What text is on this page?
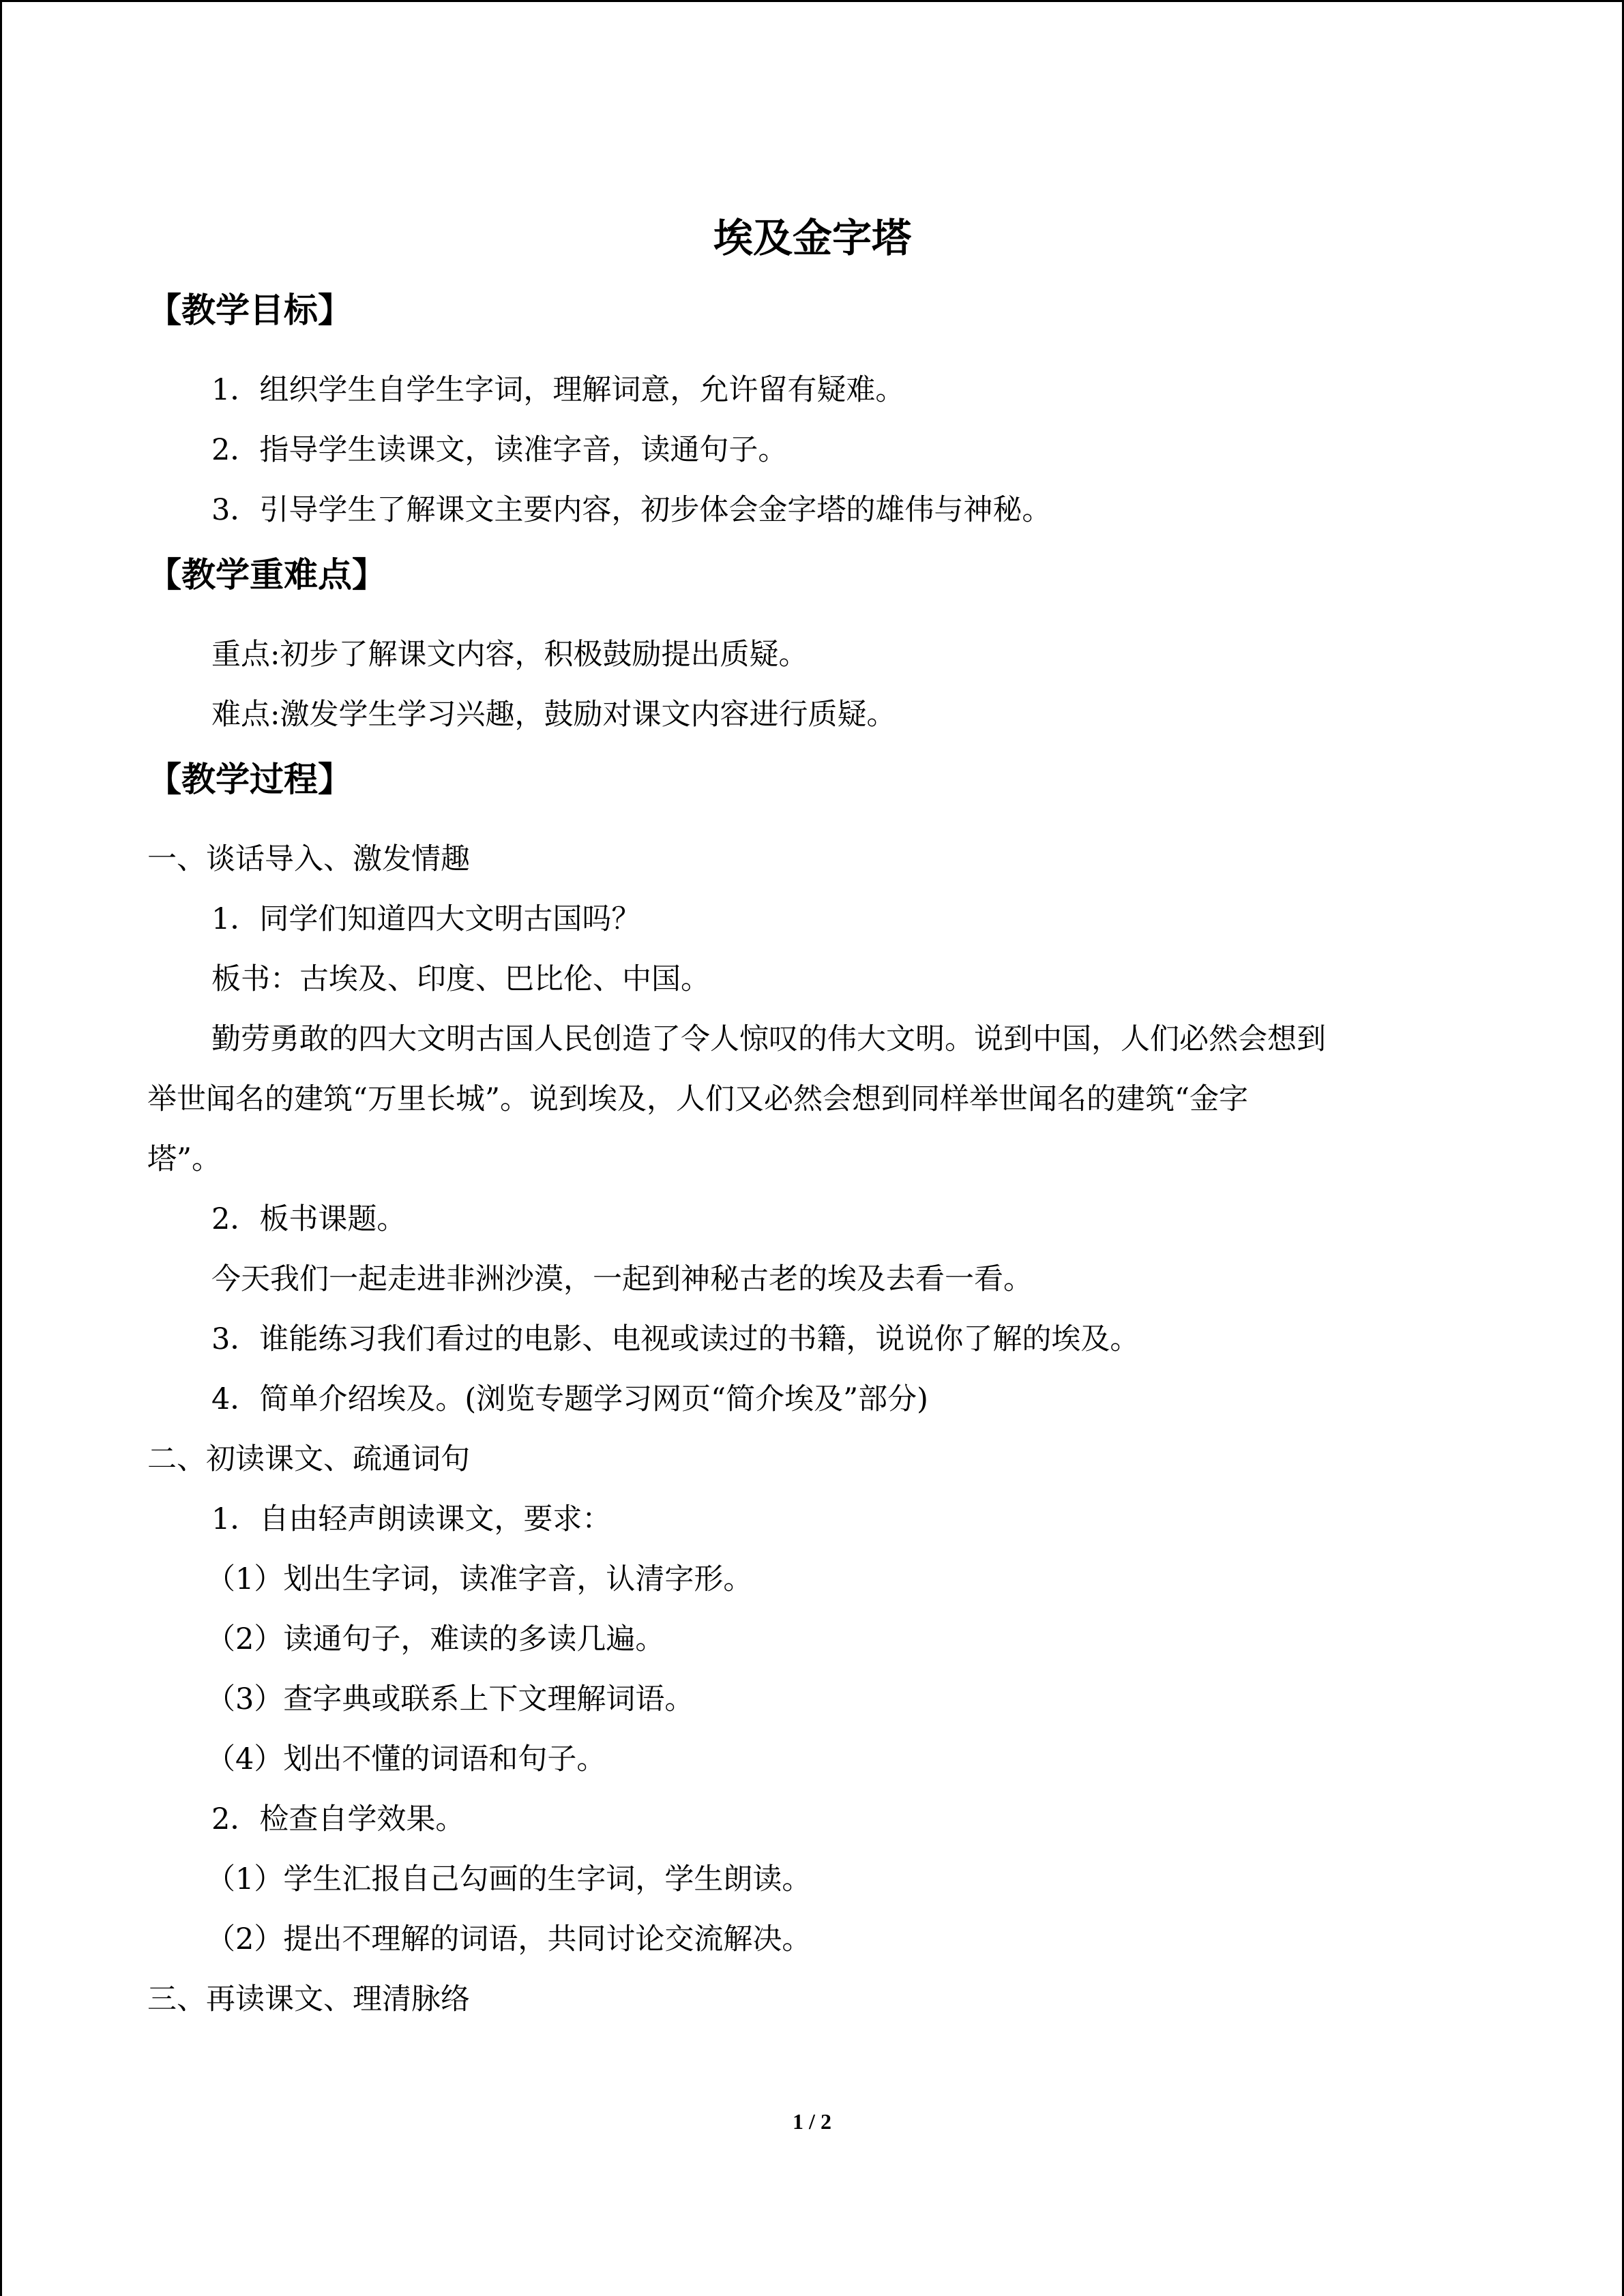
埃及金字塔
【教学目标】

1．组织学生自学生字词，理解词意，允许留有疑难。

2．指导学生读课文，读准字音，读通句子。

3．引导学生了解课文主要内容，初步体会金字塔的雄伟与神秘。

【教学重难点】

重点:初步了解课文内容，积极鼓励提出质疑。

难点:激发学生学习兴趣，鼓励对课文内容进行质疑。

【教学过程】

一、谈话导入、激发情趣

1．同学们知道四大文明古国吗？

板书：古埃及、印度、巴比伦、中国。

勤劳勇敢的四大文明古国人民创造了令人惊叹的伟大文明。说到中国，人们必然会想到

举世闻名的建筑“万里长城”。说到埃及，人们又必然会想到同样举世闻名的建筑“金字

塔”。

2．板书课题。

今天我们一起走进非洲沙漠，一起到神秘古老的埃及去看一看。

3．谁能练习我们看过的电影、电视或读过的书籍，说说你了解的埃及。

4．简单介绍埃及。(浏览专题学习网页“简介埃及”部分)

二、初读课文、疏通词句

1．自由轻声朗读课文，要求：

（1）划出生字词，读准字音，认清字形。

（2）读通句子，难读的多读几遍。

（3）查字典或联系上下文理解词语。

（4）划出不懂的词语和句子。

2．检查自学效果。

（1）学生汇报自己勾画的生字词，学生朗读。

（2）提出不理解的词语，共同讨论交流解决。

三、再读课文、理清脉络

1 / 2
